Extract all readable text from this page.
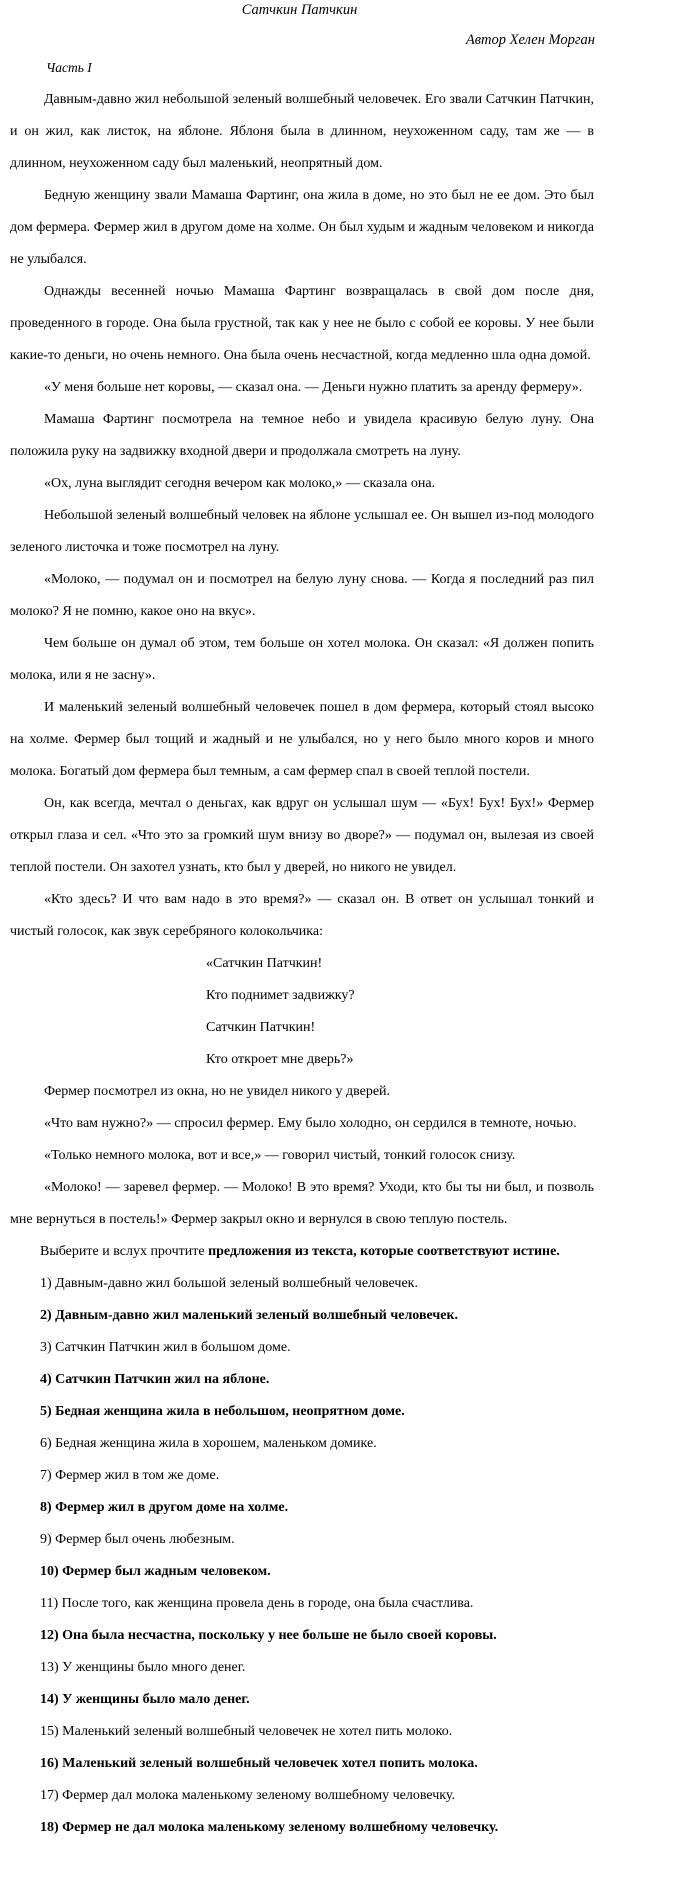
Сатчкин Патчкин
Автор Хелен Морган
Часть I

Давным-давно жил небольшой зеленый волшебный человечек. Его звали Сатчкин Патчкин, и он жил, как листок, на яблоне. Яблоня была в длинном, неухоженном саду, там же — в длинном, неухоженном саду был маленький, неопрятный дом.

Бедную женщину звали Мамаша Фартинг, она жила в доме, но это был не ее дом. Это был дом фермера. Фермер жил в другом доме на холме. Он был худым и жадным человеком и никогда не улыбался.

Однажды весенней ночью Мамаша Фартинг возвращалась в свой дом после дня, проведенного в городе. Она была грустной, так как у нее не было с собой ее коровы. У нее были какие-то деньги, но очень немного. Она была очень несчастной, когда медленно шла одна домой.

«У меня больше нет коровы, — сказал она. — Деньги нужно платить за аренду фермеру».

Мамаша Фартинг посмотрела на темное небо и увидела красивую белую луну. Она положила руку на задвижку входной двери и продолжала смотреть на луну.

«Ох, луна выглядит сегодня вечером как молоко,» — сказала она.

Небольшой зеленый волшебный человек на яблоне услышал ее. Он вышел из-под молодого зеленого листочка и тоже посмотрел на луну.

«Молоко, — подумал он и посмотрел на белую луну снова. — Когда я последний раз пил молоко? Я не помню, какое оно на вкус».

Чем больше он думал об этом, тем больше он хотел молока. Он сказал: «Я должен попить молока, или я не засну».

И маленький зеленый волшебный человечек пошел в дом фермера, который стоял высоко на холме. Фермер был тощий и жадный и не улыбался, но у него было много коров и много молока. Богатый дом фермера был темным, а сам фермер спал в своей теплой постели.

Он, как всегда, мечтал о деньгах, как вдруг он услышал шум — «Бух! Бух! Бух!» Фермер открыл глаза и сел. «Что это за громкий шум внизу во дворе?» — подумал он, вылезая из своей теплой постели. Он захотел узнать, кто был у дверей, но никого не увидел.

«Кто здесь? И что вам надо в это время?» — сказал он. В ответ он услышал тонкий и чистый голосок, как звук серебряного колокольчика:

«Сатчкин Патчкин!
Кто поднимет задвижку?
Сатчкин Патчкин!
Кто откроет мне дверь?»

Фермер посмотрел из окна, но не увидел никого у дверей.

«Что вам нужно?» — спросил фермер. Ему было холодно, он сердился в темноте, ночью.

«Только немного молока, вот и все,» — говорил чистый, тонкий голосок снизу.

«Молоко! — заревел фермер. — Молоко! В это время? Уходи, кто бы ты ни был, и позволь мне вернуться в постель!» Фермер закрыл окно и вернулся в свою теплую постель.

Выберите и вслух прочтите предложения из текста, которые соответствуют истине.
1) Давным-давно жил большой зеленый волшебный человечек.
2) Давным-давно жил маленький зеленый волшебный человечек.
3) Сатчкин Патчкин жил в большом доме.
4) Сатчкин Патчкин жил на яблоне.
5) Бедная женщина жила в небольшом, неопрятном доме.
6) Бедная женщина жила в хорошем, маленьком домике.
7) Фермер жил в том же доме.
8) Фермер жил в другом доме на холме.
9) Фермер был очень любезным.
10) Фермер был жадным человеком.
11) После того, как женщина провела день в городе, она была счастлива.
12) Она была несчастна, поскольку у нее больше не было своей коровы.
13) У женщины было много денег.
14) У женщины было мало денег.
15) Маленький зеленый волшебный человечек не хотел пить молоко.
16) Маленький зеленый волшебный человечек хотел попить молока.
17) Фермер дал молока маленькому зеленому волшебному человечку.
18) Фермер не дал молока маленькому зеленому волшебному человечку.
